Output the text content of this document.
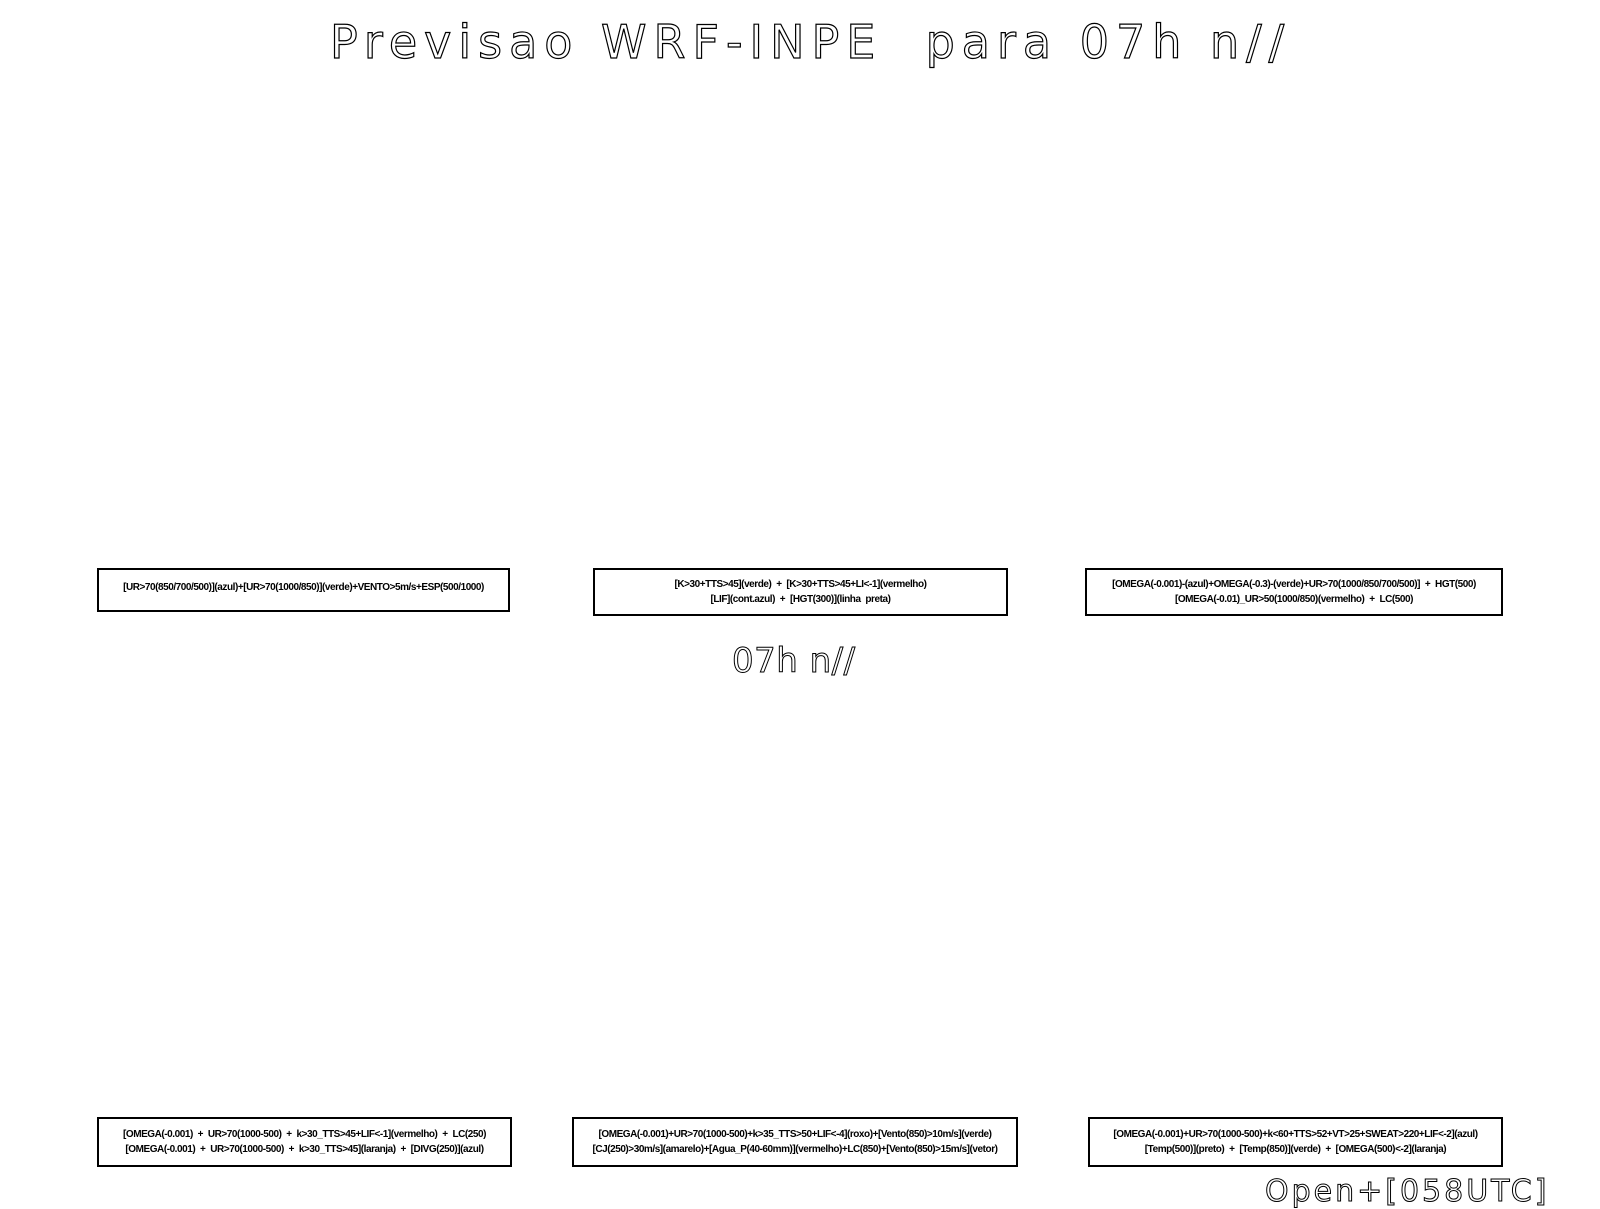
Previsao WRF-INPE  para 07h n//
[UR>70(850/700/500)](azul)+[UR>70(1000/850)](verde)+VENTO>5m/s+ESP(500/1000)	[K>30+TTS>45](verde) + [K>30+TTS>45+LI<-1](vermelho)
[LIF](cont.azul) + [HGT(300)](linha preta)
[OMEGA(-0.001)-(azul)+OMEGA(-0.3)-(verde)+UR>70(1000/850/700/500)] + HGT(500)
[OMEGA(-0.01)_UR>50(1000/850)(vermelho) + LC(500)
07h n//
[OMEGA(-0.001) + UR>70(1000-500) + k>30_TTS>45+LIF<-1](vermelho) + LC(250)
[OMEGA(-0.001) + UR>70(1000-500) + k>30_TTS>45](laranja) + [DIVG(250)](azul)
[OMEGA(-0.001)+UR>70(1000-500)+k>35_TTS>50+LIF<-4](roxo)+[Vento(850)>10m/s](verde)
[CJ(250)>30m/s](amarelo)+[Agua_P(40-60mm)](vermelho)+LC(850)+[Vento(850)>15m/s](vetor)
[OMEGA(-0.001)+UR>70(1000-500)+k<60+TTS>52+VT>25+SWEAT>220+LIF<-2](azul)
[Temp(500)](preto) + [Temp(850)](verde) + [OMEGA(500)<-2](laranja)
Open+[058UTC]
